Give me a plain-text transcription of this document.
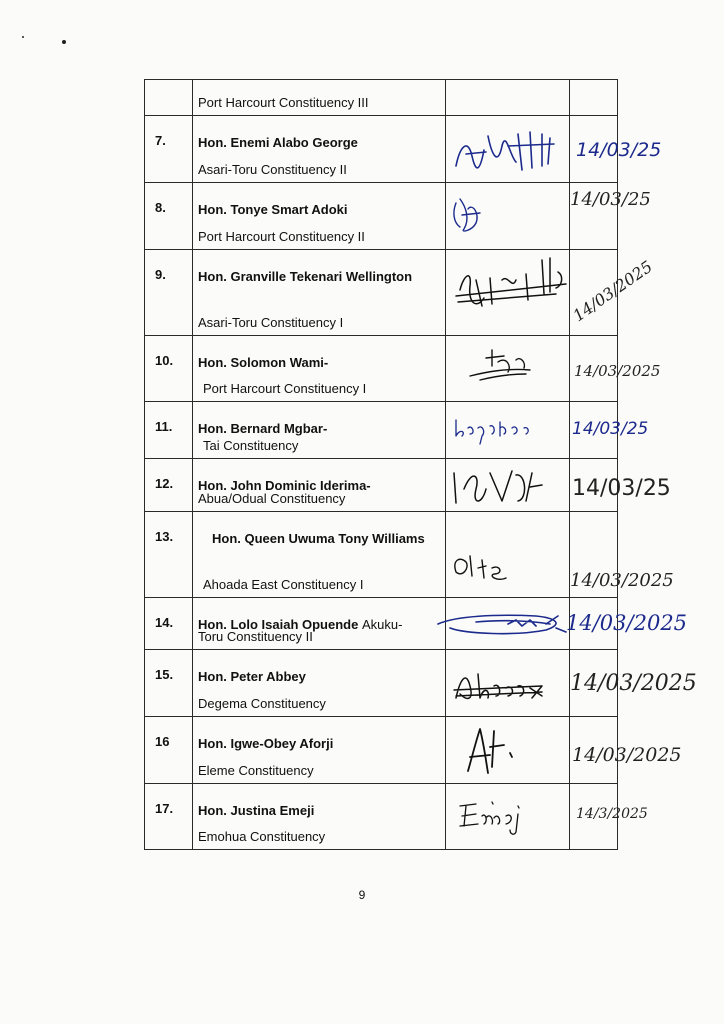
	Port Harcourt Constituency III		

7.	Hon. Enemi Alabo George
Asari-Toru Constituency II		14/03/25

8.	Hon. Tonye Smart Adoki
Port Harcourt Constituency II		14/03/25

9.	Hon. Granville Tekenari Wellington
Asari-Toru Constituency I		14/03/2025

10.	Hon. Solomon Wami-
Port Harcourt Constituency I		14/03/2025

11.	Hon. Bernard Mgbar-
Tai Constituency		14/03/25

12.	Hon. John Dominic Iderima-
Abua/Odual Constituency		14/03/25

13.	Hon. Queen Uwuma Tony Williams
Ahoada East Constituency I		14/03/2025

14.	Hon. Lolo Isaiah Opuende Akuku-
Toru Constituency II		14/03/2025

15.	Hon. Peter Abbey
Degema Constituency		14/03/2025

16	Hon. Igwe-Obey Aforji
Eleme Constituency		14/03/2025

17.	Hon. Justina Emeji
Emohua Constituency		14/3/2025
9
